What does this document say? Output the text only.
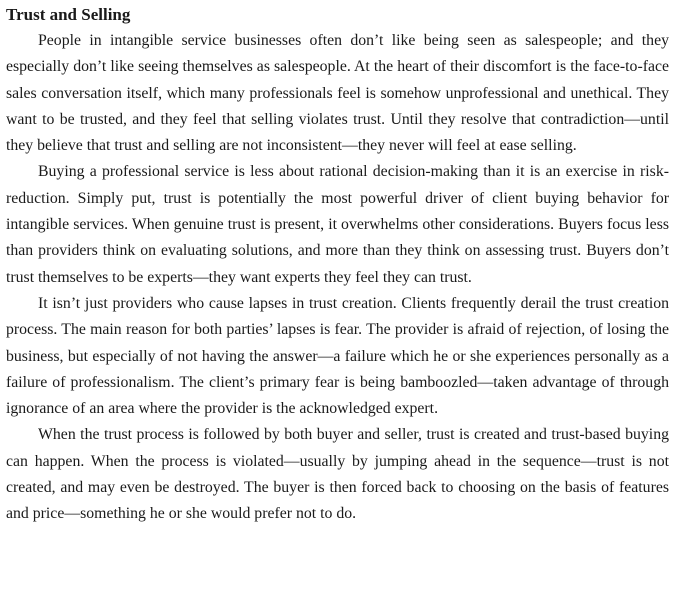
Trust and Selling

People in intangible service businesses often don’t like being seen as salespeople; and they especially don’t like seeing themselves as salespeople. At the heart of their discomfort is the face-to-face sales conversation itself, which many professionals feel is somehow unprofessional and unethical. They want to be trusted, and they feel that selling violates trust. Until they resolve that contradiction—until they believe that trust and selling are not inconsistent—they never will feel at ease selling.

Buying a professional service is less about rational decision-making than it is an exercise in risk-reduction. Simply put, trust is potentially the most powerful driver of client buying behavior for intangible services. When genuine trust is present, it overwhelms other considerations. Buyers focus less than providers think on evaluating solutions, and more than they think on assessing trust. Buyers don’t trust themselves to be experts—they want experts they feel they can trust.

It isn’t just providers who cause lapses in trust creation. Clients frequently derail the trust creation process. The main reason for both parties’ lapses is fear. The provider is afraid of rejection, of losing the business, but especially of not having the answer—a failure which he or she experiences personally as a failure of professionalism. The client’s primary fear is being bamboozled—taken advantage of through ignorance of an area where the provider is the acknowledged expert.

When the trust process is followed by both buyer and seller, trust is created and trust-based buying can happen. When the process is violated—usually by jumping ahead in the sequence—trust is not created, and may even be destroyed. The buyer is then forced back to choosing on the basis of features and price—something he or she would prefer not to do.
